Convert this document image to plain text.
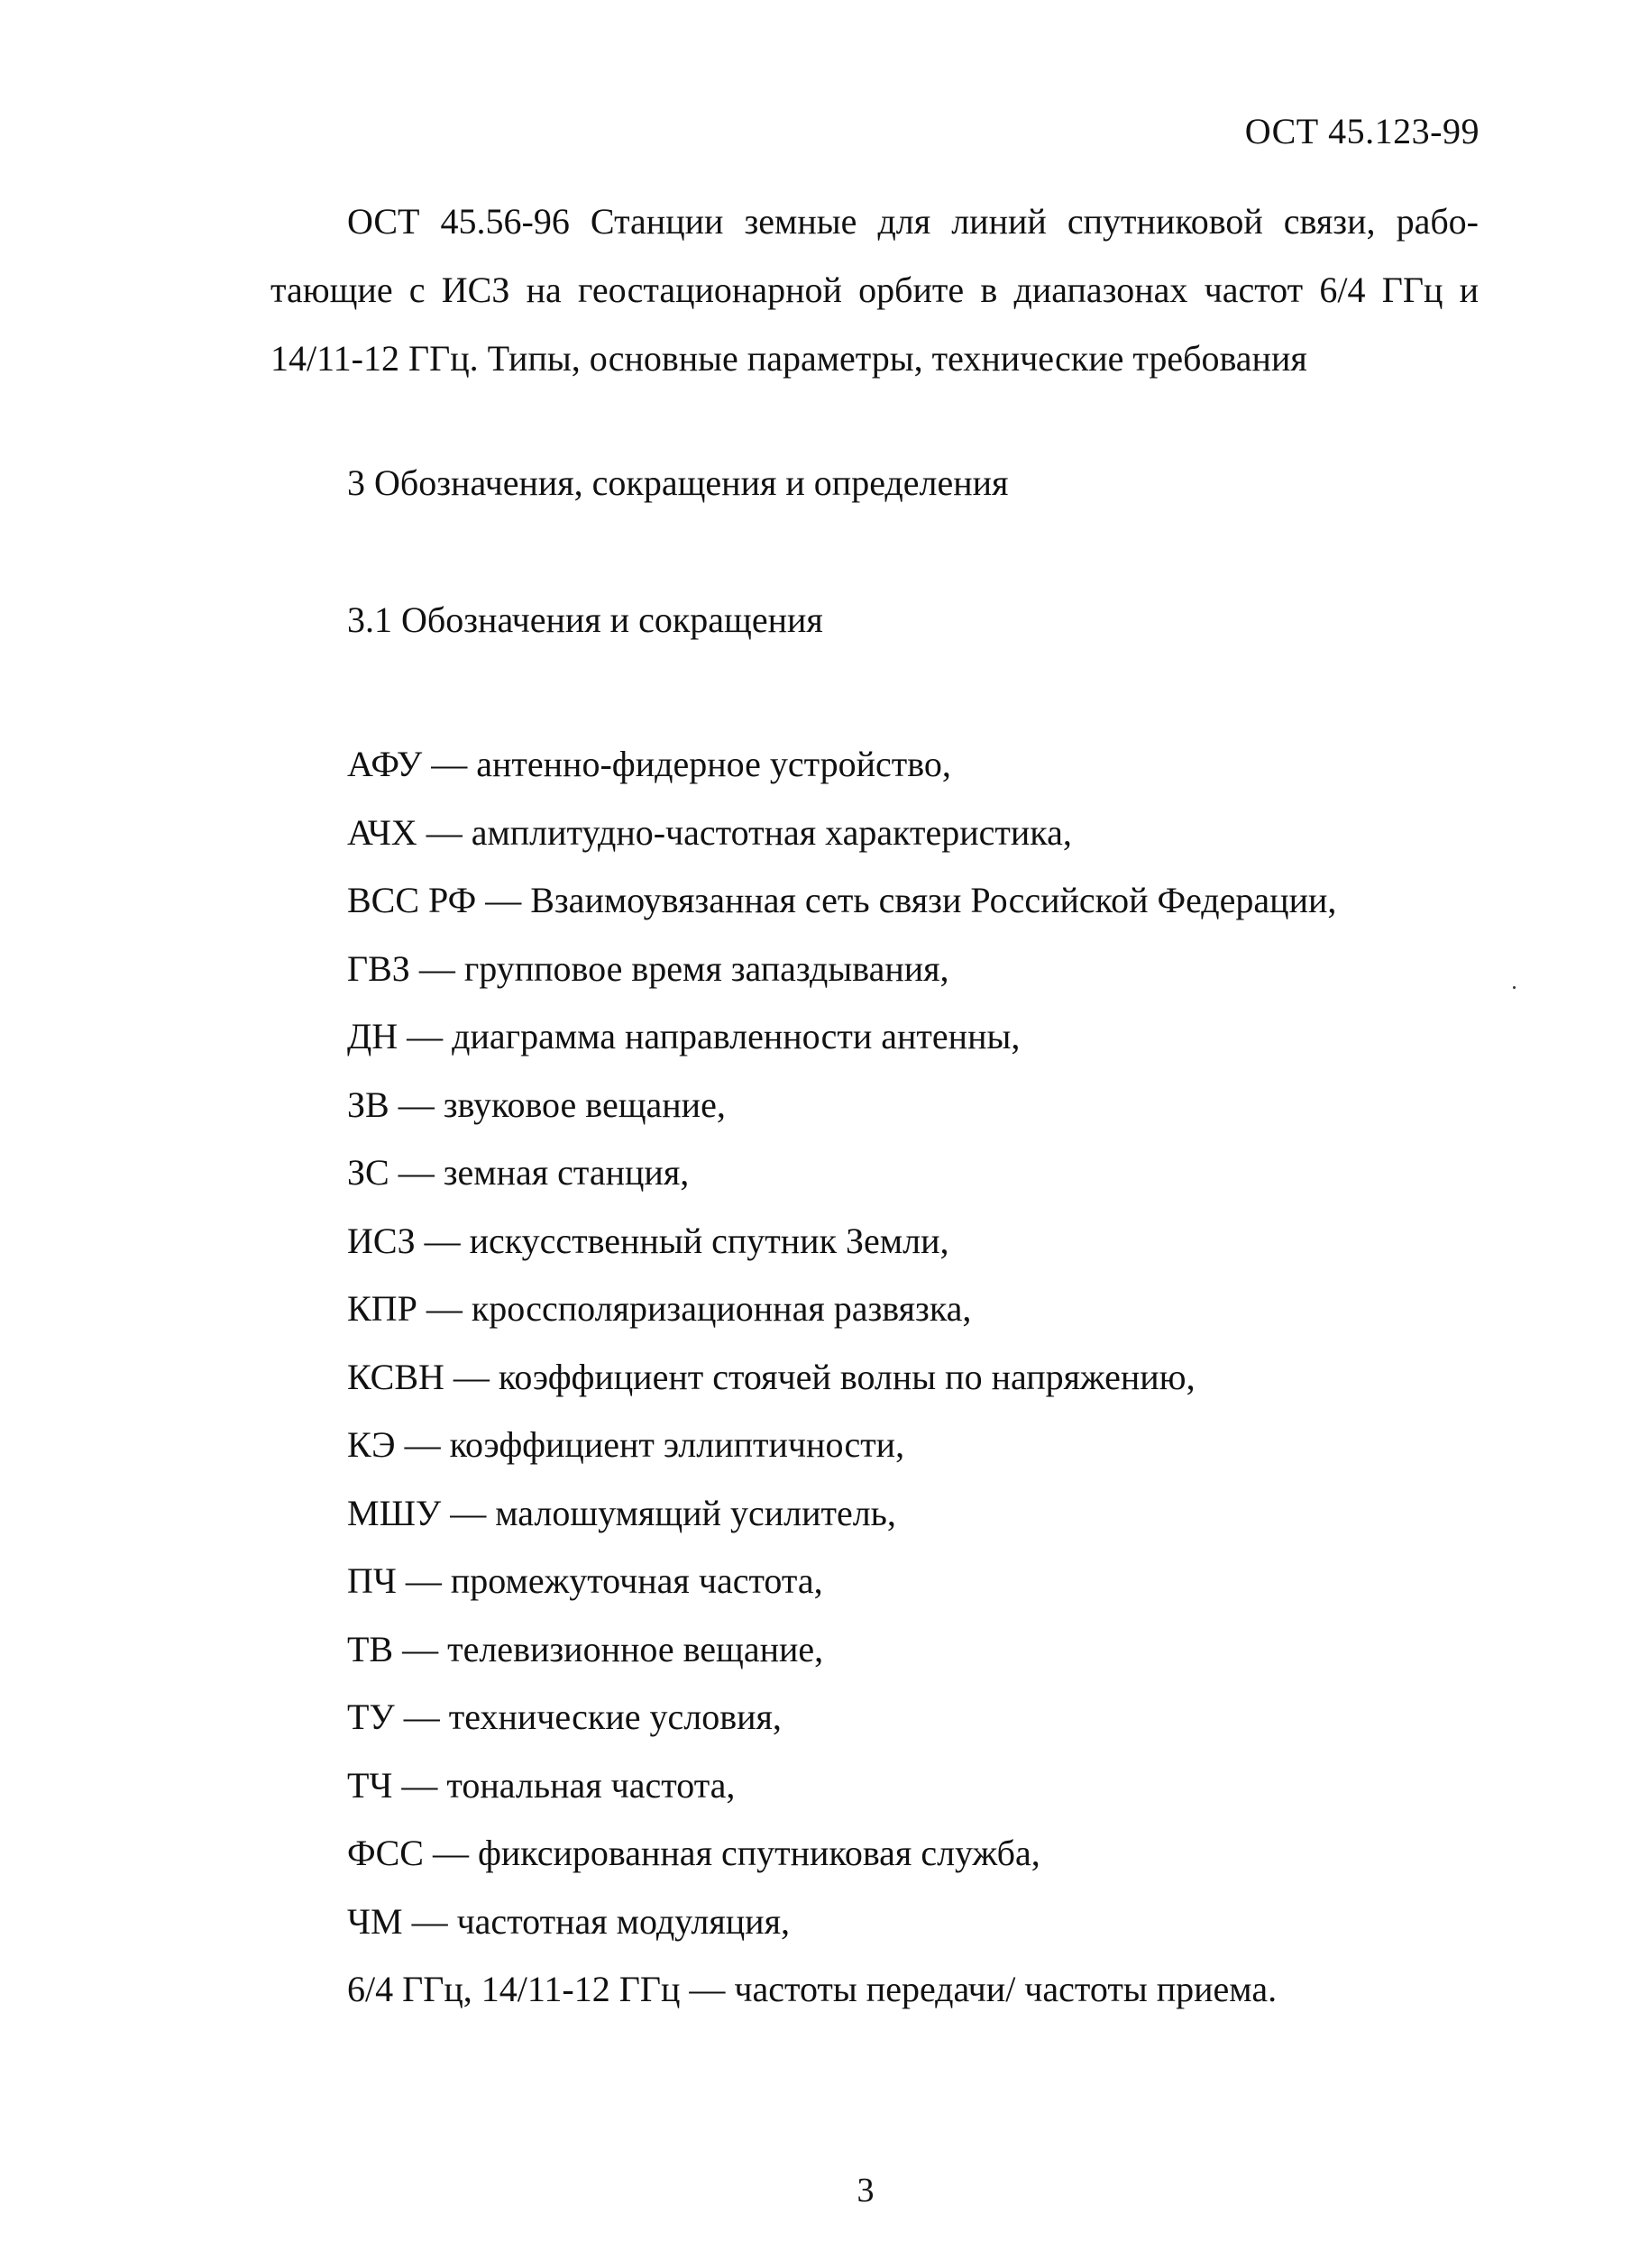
ОСТ 45.123-99
ОСТ 45.56-96 Станции земные для линий спутниковой связи, рабо-
тающие с ИСЗ на геостационарной орбите в диапазонах частот 6/4 ГГц и
14/11-12 ГГц. Типы, основные параметры, технические требования
3 Обозначения, сокращения и определения
3.1 Обозначения и сокращения
АФУ — антенно-фидерное устройство,
АЧХ — амплитудно-частотная характеристика,
ВСС РФ — Взаимоувязанная сеть связи Российской Федерации,
ГВЗ — групповое время запаздывания,
ДН — диаграмма направленности антенны,
ЗВ — звуковое вещание,
ЗС — земная станция,
ИСЗ — искусственный спутник Земли,
КПР — кроссполяризационная развязка,
КСВН — коэффициент стоячей волны по напряжению,
КЭ — коэффициент эллиптичности,
МШУ — малошумящий усилитель,
ПЧ — промежуточная частота,
ТВ — телевизионное вещание,
ТУ — технические условия,
ТЧ — тональная частота,
ФСС — фиксированная спутниковая служба,
ЧМ — частотная модуляция,
6/4 ГГц, 14/11-12 ГГц — частоты передачи/ частоты приема.
3
